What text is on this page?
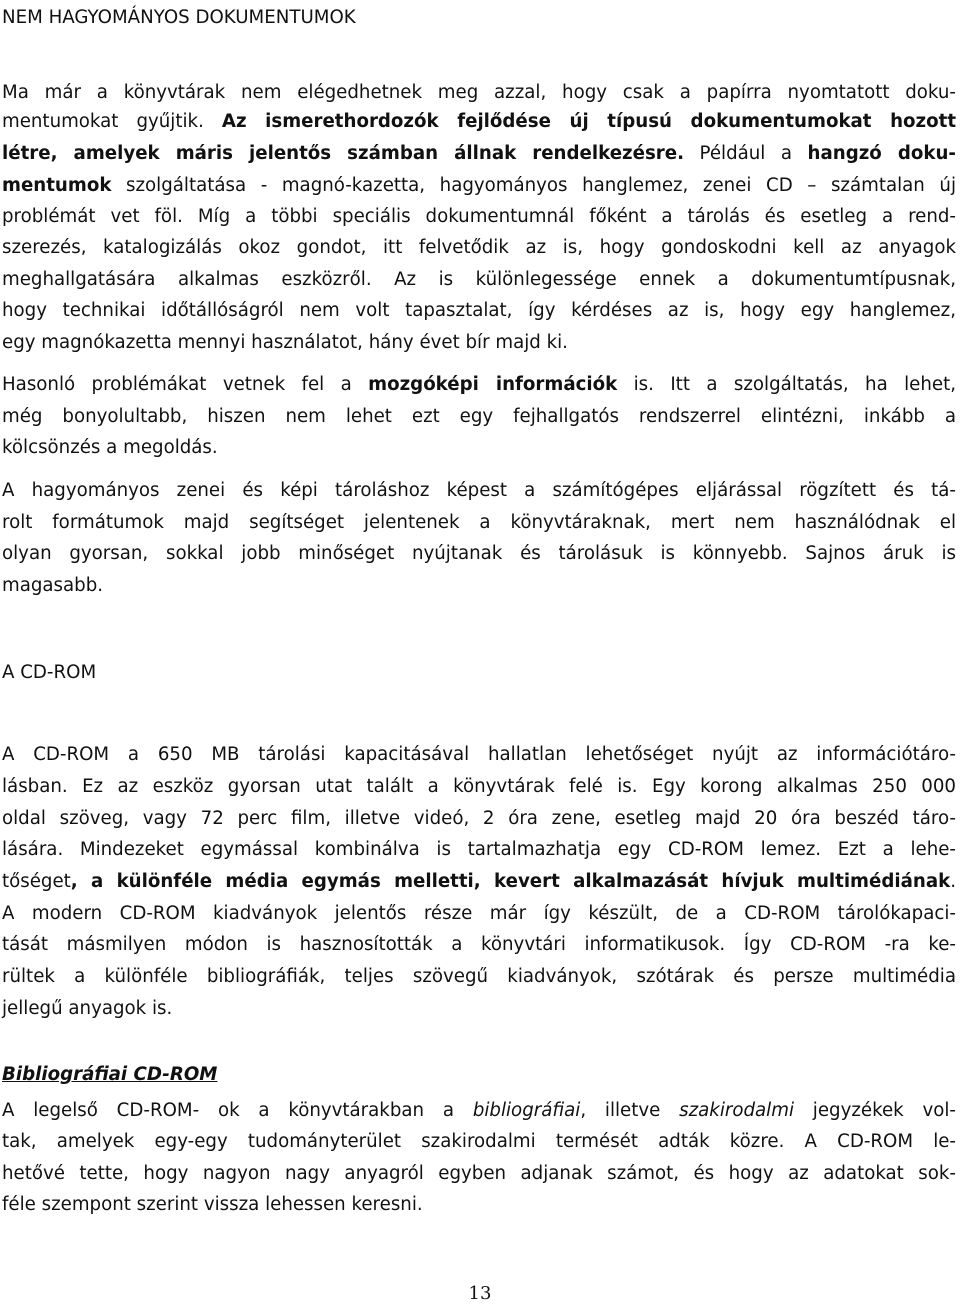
NEM HAGYOMÁNYOS DOKUMENTUMOK
Ma már a könyvtárak nem elégedhetnek meg azzal, hogy csak a papírra nyomtatott doku-
mentumokat gyűjtik. Az ismerethordozók fejlődése új típusú dokumentumokat hozott
létre, amelyek máris jelentős számban állnak rendelkezésre. Például a hangzó doku-
mentumok szolgáltatása - magnó-kazetta, hagyományos hanglemez, zenei CD – számtalan új
problémát vet föl. Míg a többi speciális dokumentumnál főként a tárolás és esetleg a rend-
szerezés, katalogizálás okoz gondot, itt felvetődik az is, hogy gondoskodni kell az anyagok
meghallgatására alkalmas eszközről. Az is különlegessége ennek a dokumentumtípusnak,
hogy technikai időtállóságról nem volt tapasztalat, így kérdéses az is, hogy egy hanglemez,
egy magnókazetta mennyi használatot, hány évet bír majd ki.
Hasonló problémákat vetnek fel a mozgóképi információk is. Itt a szolgáltatás, ha lehet,
még bonyolultabb, hiszen nem lehet ezt egy fejhallgatós rendszerrel elintézni, inkább a
kölcsönzés a megoldás.
A hagyományos zenei és képi tároláshoz képest a számítógépes eljárással rögzített és tá-
rolt formátumok majd segítséget jelentenek a könyvtáraknak, mert nem használódnak el
olyan gyorsan, sokkal jobb minőséget nyújtanak és tárolásuk is könnyebb. Sajnos áruk is
magasabb.
A CD-ROM
A CD-ROM a 650 MB tárolási kapacitásával hallatlan lehetőséget nyújt az információtáro-
lásban. Ez az eszköz gyorsan utat talált a könyvtárak felé is. Egy korong alkalmas 250 000
oldal szöveg, vagy 72 perc film, illetve videó, 2 óra zene, esetleg majd 20 óra beszéd táro-
lására. Mindezeket egymással kombinálva is tartalmazhatja egy CD-ROM lemez. Ezt a lehe-
tőséget, a különféle média egymás melletti, kevert alkalmazását hívjuk multimédiának.
A modern CD-ROM kiadványok jelentős része már így készült, de a CD-ROM tárolókapaci-
tását másmilyen módon is hasznosították a könyvtári informatikusok. Így CD-ROM -ra ke-
rültek a különféle bibliográfiák, teljes szövegű kiadványok, szótárak és persze multimédia
jellegű anyagok is.
Bibliográfiai CD-ROM
A legelső CD-ROM- ok a könyvtárakban a bibliográfiai, illetve szakirodalmi jegyzékek vol-
tak, amelyek egy-egy tudományterület szakirodalmi termését adták közre. A CD-ROM le-
hetővé tette, hogy nagyon nagy anyagról egyben adjanak számot, és hogy az adatokat sok-
féle szempont szerint vissza lehessen keresni.
13
